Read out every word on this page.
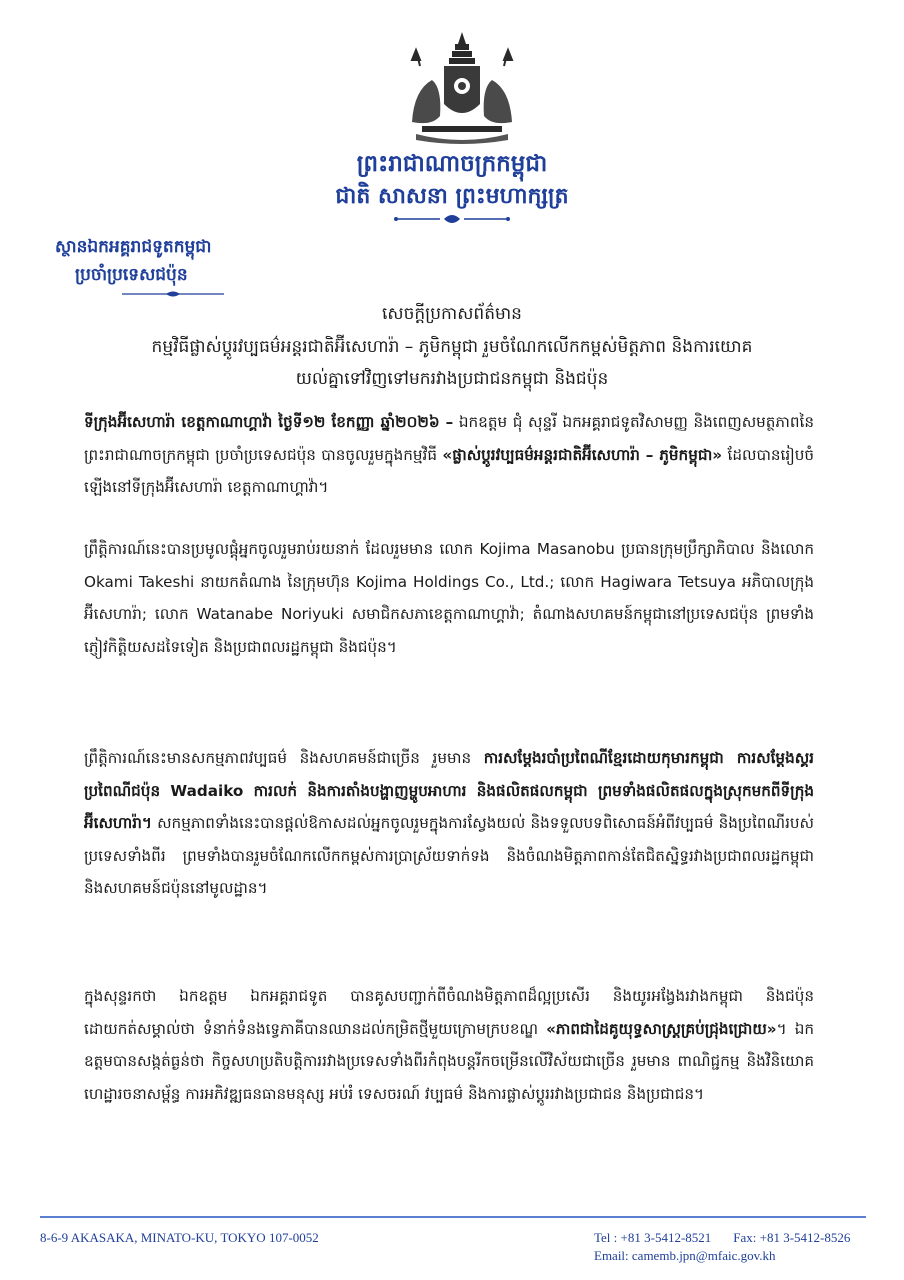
ព្រះរាជាណាចក្រកម្ពុជា
ជាតិ សាសនា ព្រះមហាក្សត្រ
ស្ថានឯកអគ្គរាជទូតកម្ពុជា
ប្រចាំប្រទេសជប៉ុន
សេចក្តីប្រកាសព័ត៌មាន
កម្មវិធីផ្លាស់ប្តូរវប្បធម៌អន្តរជាតិអ៊ីសេហារ៉ា – ភូមិកម្ពុជា រួមចំណែកលើកកម្ពស់មិត្តភាព និងការយោគ
យល់គ្នាទៅវិញទៅមករវាងប្រជាជនកម្ពុជា និងជប៉ុន

ទីក្រុងអ៊ីសេហារ៉ា ខេត្តកាណាហ្គាវ៉ា ថ្ងៃទី១២ ខែកញ្ញា ឆ្នាំ២០២៦ – ឯកឧត្តម ជុំ សុន្ទរី ឯកអគ្គរាជទូតវិសាមញ្ញ និងពេញសមត្ថភាពនៃព្រះរាជាណាចក្រកម្ពុជា ប្រចាំប្រទេសជប៉ុន បានចូលរួមក្នុងកម្មវិធី «ផ្លាស់ប្តូរវប្បធម៌អន្តរជាតិអ៊ីសេហារ៉ា – ភូមិកម្ពុជា» ដែលបានរៀបចំឡើងនៅទីក្រុងអ៊ីសេហារ៉ា ខេត្តកាណាហ្គាវ៉ា។

ព្រឹត្តិការណ៍នេះបានប្រមូលផ្តុំអ្នកចូលរួមរាប់រយនាក់ ដែលរួមមាន លោក Kojima Masanobu ប្រធានក្រុមប្រឹក្សាភិបាល និងលោក Okami Takeshi នាយកតំណាង នៃក្រុមហ៊ុន Kojima Holdings Co., Ltd.; លោក Hagiwara Tetsuya អភិបាលក្រុងអ៊ីសេហារ៉ា; លោក Watanabe Noriyuki សមាជិកសភាខេត្តកាណាហ្គាវ៉ា; តំណាងសហគមន៍កម្ពុជានៅប្រទេសជប៉ុន ព្រមទាំងភ្ញៀវកិត្តិយសដទៃទៀត និងប្រជាពលរដ្ឋកម្ពុជា និងជប៉ុន។

ព្រឹត្តិការណ៍នេះមានសកម្មភាពវប្បធម៌ និងសហគមន៍ជាច្រើន រួមមាន ការសម្តែងរបាំប្រពៃណីខ្មែរដោយកុមារកម្ពុជា ការសម្តែងស្គរប្រពៃណីជប៉ុន Wadaiko ការលក់ និងការតាំងបង្ហាញម្ហូបអាហារ និងផលិតផលកម្ពុជា ព្រមទាំងផលិតផលក្នុងស្រុកមកពីទីក្រុងអ៊ីសេហារ៉ា។ សកម្មភាពទាំងនេះបានផ្តល់ឱកាសដល់អ្នកចូលរួមក្នុងការស្វែងយល់ និងទទួលបទពិសោធន៍អំពីវប្បធម៌ និងប្រពៃណីរបស់ប្រទេសទាំងពីរ ព្រមទាំងបានរួមចំណែកលើកកម្ពស់ការប្រាស្រ័យទាក់ទង និងចំណងមិត្តភាពកាន់តែជិតស្និទ្ធរវាងប្រជាពលរដ្ឋកម្ពុជា និងសហគមន៍ជប៉ុននៅមូលដ្ឋាន។

ក្នុងសុន្ទរកថា ឯកឧត្តម ឯកអគ្គរាជទូត បានគូសបញ្ជាក់ពីចំណងមិត្តភាពដ៏ល្អប្រសើរ និងយូរអង្វែងរវាងកម្ពុជា និងជប៉ុន ដោយកត់សម្គាល់ថា ទំនាក់ទំនងទ្វេភាគីបានឈានដល់កម្រិតថ្មីមួយក្រោមក្របខណ្ឌ «ភាពជាដៃគូយុទ្ធសាស្ត្រគ្រប់ជ្រុងជ្រោយ»។ ឯកឧត្តមបានសង្កត់ធ្ងន់ថា កិច្ចសហប្រតិបត្តិការរវាងប្រទេសទាំងពីរកំពុងបន្តរីកចម្រើនលើវិស័យជាច្រើន រួមមាន ពាណិជ្ជកម្ម និងវិនិយោគ ហេដ្ឋារចនាសម្ព័ន្ធ ការអភិវឌ្ឍធនធានមនុស្ស អប់រំ ទេសចរណ៍ វប្បធម៌ និងការផ្លាស់ប្តូររវាងប្រជាជន និងប្រជាជន។

8-6-9 AKASAKA, MINATO-KU, TOKYO 107-0052	Tel : +81 3-5412-8521 Fax: +81 3-5412-8526
Email: camemb.jpn@mfaic.gov.kh
